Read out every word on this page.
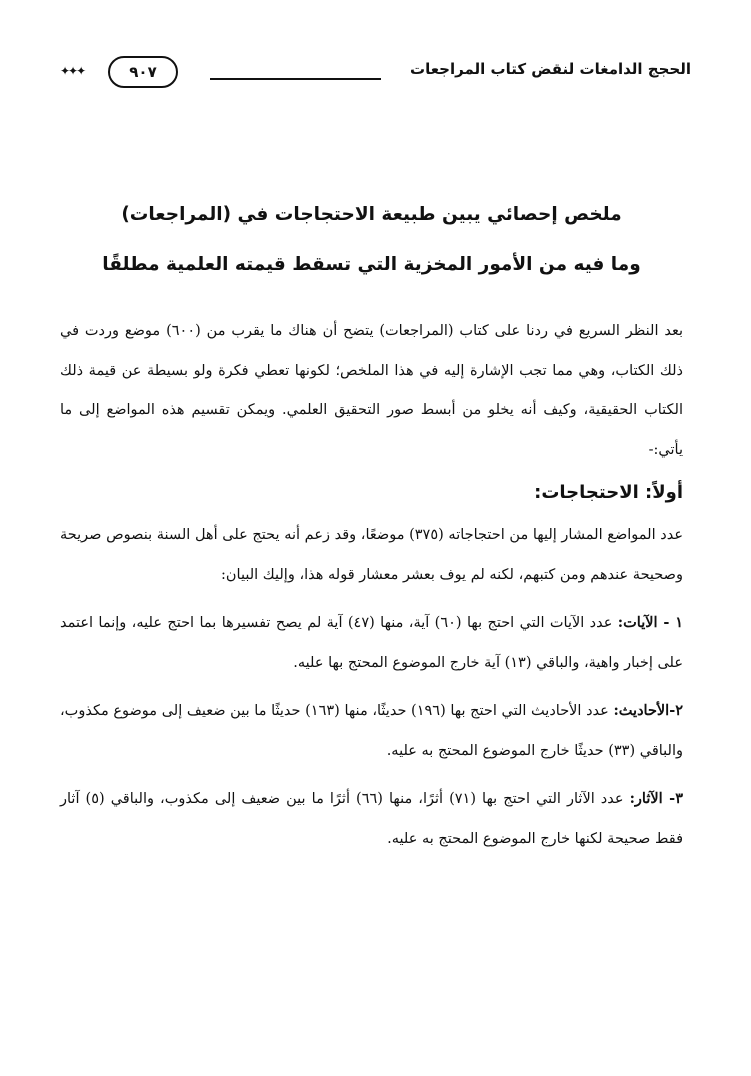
الحجج الدامغات لنقض كتاب المراجعات
٩٠٧
✦✦✦
ملخص إحصائي يبين طبيعة الاحتجاجات في (المراجعات)
وما فيه من الأمور المخزية التي تسقط قيمته العلمية مطلقًا

بعد النظر السريع في ردنا على كتاب (المراجعات) يتضح أن هناك ما يقرب من (٦٠٠) موضع وردت في ذلك الكتاب، وهي مما تجب الإشارة إليه في هذا الملخص؛ لكونها تعطي فكرة ولو بسيطة عن قيمة ذلك الكتاب الحقيقية، وكيف أنه يخلو من أبسط صور التحقيق العلمي. ويمكن تقسيم هذه المواضع إلى ما يأتي:-

أولاً: الاحتجاجات:

عدد المواضع المشار إليها من احتجاجاته (٣٧٥) موضعًا، وقد زعم أنه يحتج على أهل السنة بنصوص صريحة وصحيحة عندهم ومن كتبهم، لكنه لم يوف بعشر معشار قوله هذا، وإليك البيان:

١ - الآيات: عدد الآيات التي احتج بها (٦٠) آية، منها (٤٧) آية لم يصح تفسيرها بما احتج عليه، وإنما اعتمد على إخبار واهية، والباقي (١٣) آية خارج الموضوع المحتج بها عليه.

٢-الأحاديث: عدد الأحاديث التي احتج بها (١٩٦) حديثًا، منها (١٦٣) حديثًا ما بين ضعيف إلى موضوع مكذوب، والباقي (٣٣) حديثًا خارج الموضوع المحتج به عليه.

٣- الآثار: عدد الآثار التي احتج بها (٧١) أثرًا، منها (٦٦) أثرًا ما بين ضعيف إلى مكذوب، والباقي (٥) آثار فقط صحيحة لكنها خارج الموضوع المحتج به عليه.
